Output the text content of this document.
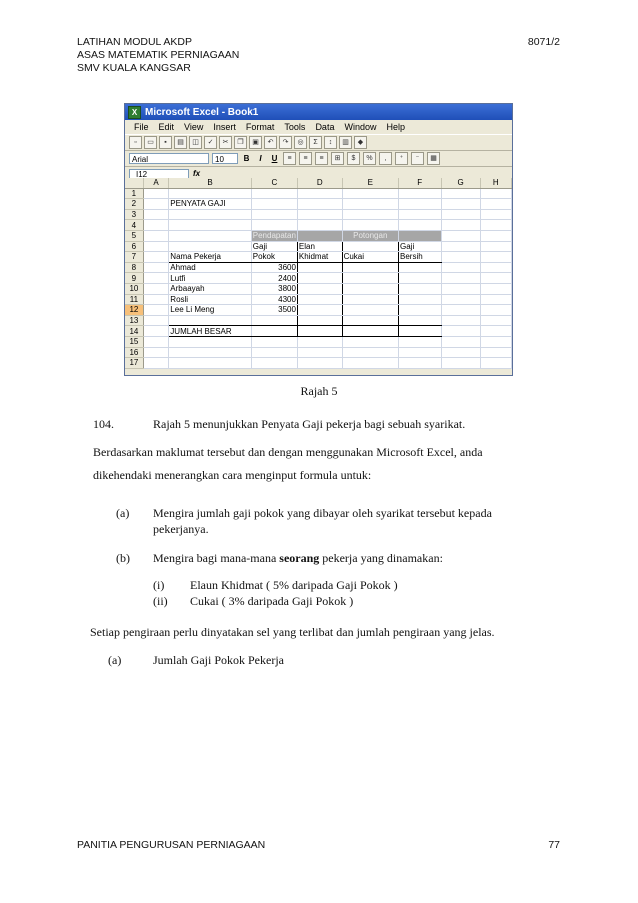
LATIHAN MODUL AKDP
ASAS MATEMATIK PERNIAGAAN
SMV KUALA KANGSAR
8071/2
X Microsoft Excel - Book1
File	Edit	View	Insert	Format	Tools	Data	Window	Help
▫	▭	▪	▤	◫	✓	✂	❐	▣	↶	↷	◎	Σ	↕	▥	◆
Arial	10	B	I	U	≡	≡	≡	⊞	$	%	,	⁺	⁻	▦
I12	fx
	A	B	C	D	E	F	G	H
1								
2		PENYATA GAJI						
3								
4								
5			Pendapatan		Potongan			
6			Gaji	Elan		Gaji		
7		Nama Pekerja	Pokok	Khidmat	Cukai	Bersih		
8		Ahmad	3600					
9		Lutfi	2400					
10		Arbaayah	3800					
11		Rosli	4300					
12		Lee Li Meng	3500					
13								
14		JUMLAH BESAR						
15								
16								
17								
Rajah 5
104.	Rajah 5 menunjukkan Penyata Gaji pekerja bagi sebuah syarikat.
Berdasarkan maklumat tersebut dan dengan menggunakan Microsoft Excel, anda
dikehendaki menerangkan cara menginput formula untuk:
(a) Mengira jumlah gaji pokok yang dibayar oleh syarikat tersebut kepada
pekerjanya.
(b) Mengira bagi mana-mana seorang pekerja yang dinamakan:
(i) Elaun Khidmat ( 5% daripada Gaji Pokok )
(ii) Cukai ( 3% daripada Gaji Pokok )
Setiap pengiraan perlu dinyatakan sel yang terlibat dan jumlah pengiraan yang jelas.
(a)	Jumlah Gaji Pokok Pekerja
PANITIA PENGURUSAN PERNIAGAAN	77
